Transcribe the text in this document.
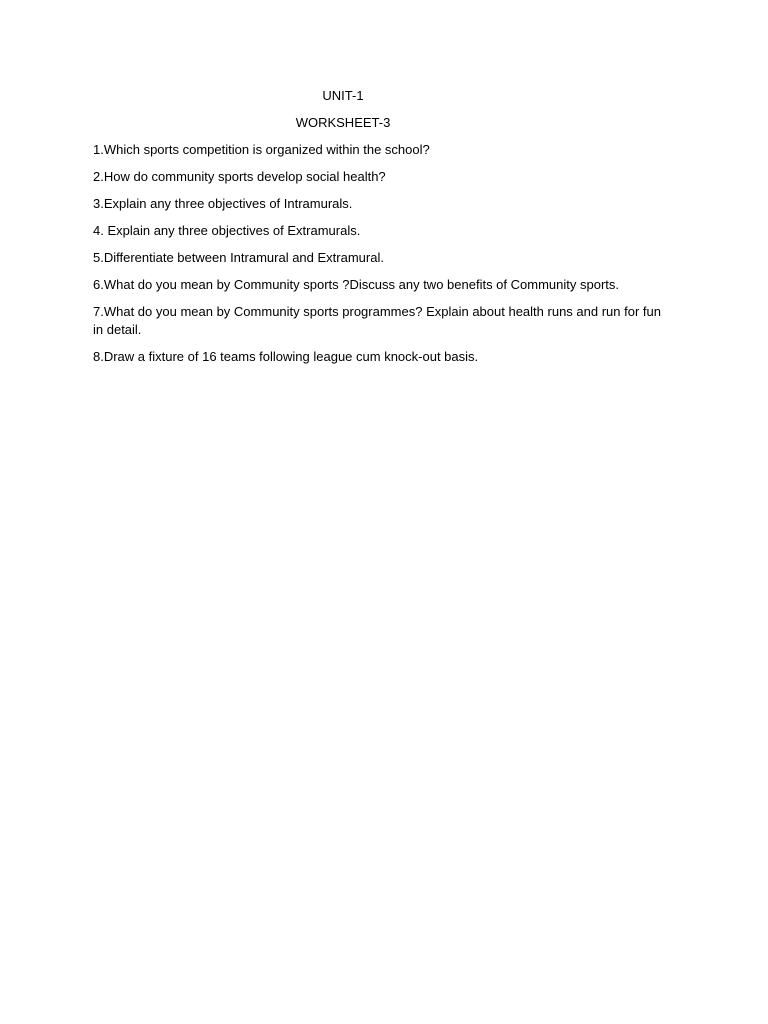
UNIT-1

WORKSHEET-3

1.Which sports competition is organized within the school?

2.How do community sports develop social health?

3.Explain any three objectives of Intramurals.

4. Explain any three objectives of Extramurals.

5.Differentiate between Intramural and Extramural.

6.What do you mean by Community sports ?Discuss any two benefits of Community sports.

7.What do you mean by Community sports programmes? Explain about health runs and run for fun in detail.

8.Draw a fixture of 16 teams following league cum knock-out basis.
